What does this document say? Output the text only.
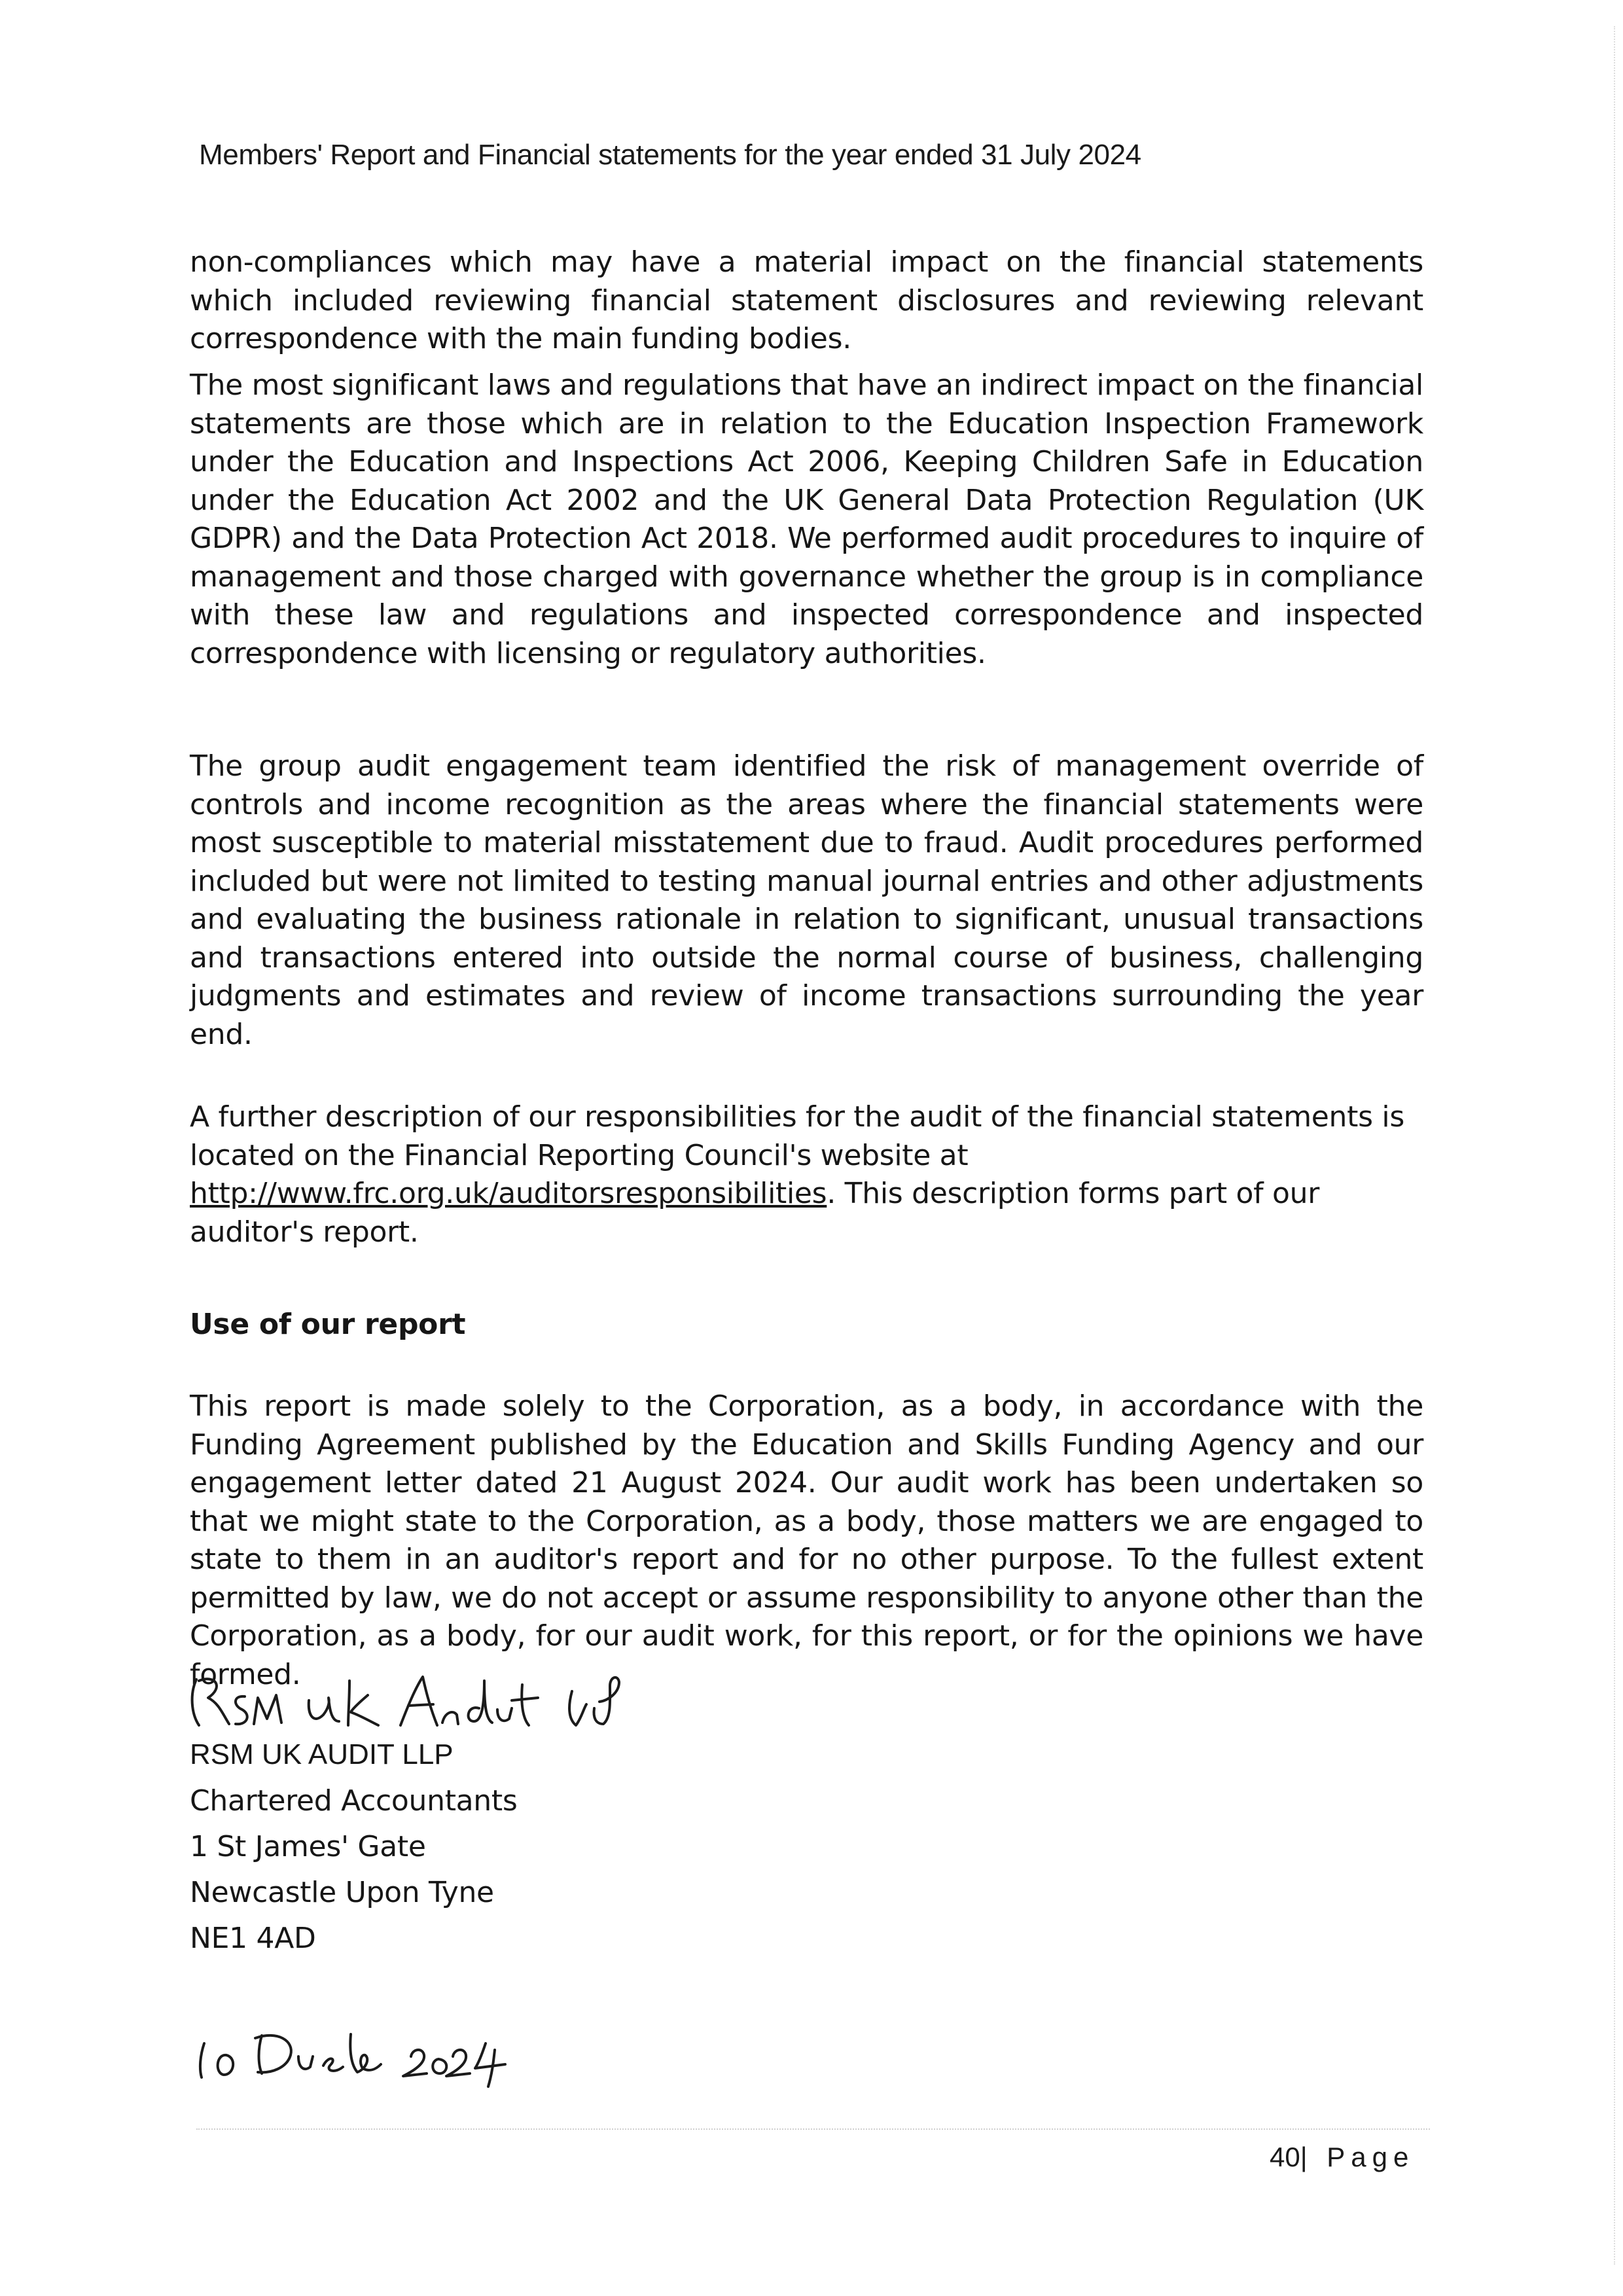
Members' Report and Financial statements for the year ended 31 July 2024

non-compliances which may have a material impact on the financial statements which included reviewing financial statement disclosures and reviewing relevant correspondence with the main funding bodies.

The most significant laws and regulations that have an indirect impact on the financial statements are those which are in relation to the Education Inspection Framework under the Education and Inspections Act 2006, Keeping Children Safe in Education under the Education Act 2002 and the UK General Data Protection Regulation (UK GDPR) and the Data Protection Act 2018. We performed audit procedures to inquire of management and those charged with governance whether the group is in compliance with these law and regulations and inspected correspondence and inspected correspondence with licensing or regulatory authorities.

The group audit engagement team identified the risk of management override of controls and income recognition as the areas where the financial statements were most susceptible to material misstatement due to fraud. Audit procedures performed included but were not limited to testing manual journal entries and other adjustments and evaluating the business rationale in relation to significant, unusual transactions and transactions entered into outside the normal course of business, challenging judgments and estimates and review of income transactions surrounding the year end.

A further description of our responsibilities for the audit of the financial statements is located on the Financial Reporting Council's website at http://www.frc.org.uk/auditorsresponsibilities. This description forms part of our auditor's report.

Use of our report

This report is made solely to the Corporation, as a body, in accordance with the Funding Agreement published by the Education and Skills Funding Agency and our engagement letter dated 21 August 2024. Our audit work has been undertaken so that we might state to the Corporation, as a body, those matters we are engaged to state to them in an auditor's report and for no other purpose. To the fullest extent permitted by law, we do not accept or assume responsibility to anyone other than the Corporation, as a body, for our audit work, for this report, or for the opinions we have formed.

RSM UK AUDIT LLP
Chartered Accountants
1 St James' Gate
Newcastle Upon Tyne
NE1 4AD
40| Page
